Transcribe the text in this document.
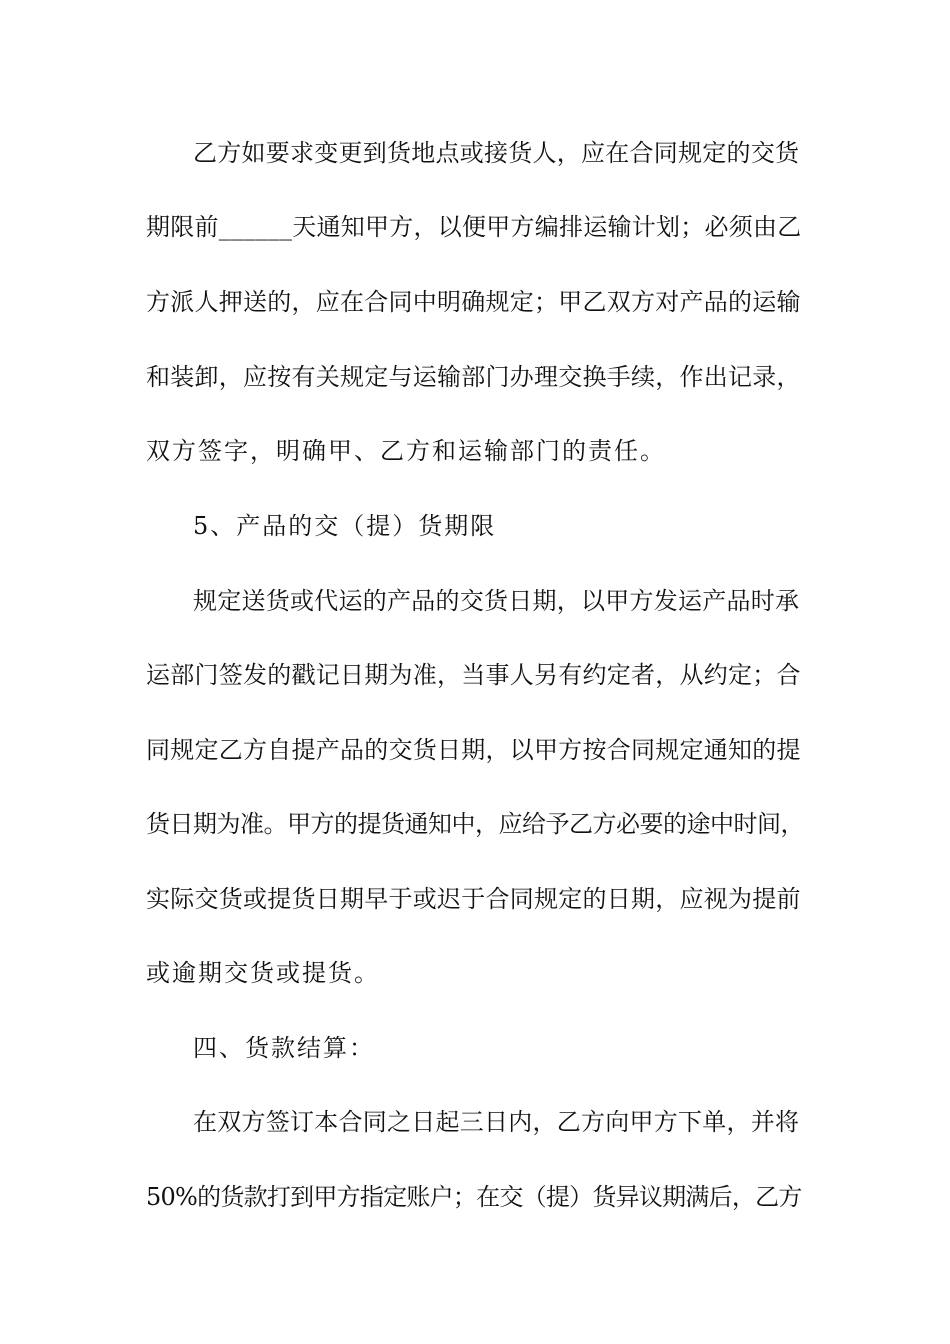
乙方如要求变更到货地点或接货人，应在合同规定的交货
期限前______天通知甲方，以便甲方编排运输计划；必须由乙
方派人押送的，应在合同中明确规定；甲乙双方对产品的运输
和装卸，应按有关规定与运输部门办理交换手续，作出记录，
双方签字，明确甲、乙方和运输部门的责任。
5、产品的交（提）货期限
规定送货或代运的产品的交货日期，以甲方发运产品时承
运部门签发的戳记日期为准，当事人另有约定者，从约定；合
同规定乙方自提产品的交货日期，以甲方按合同规定通知的提
货日期为准。甲方的提货通知中，应给予乙方必要的途中时间，
实际交货或提货日期早于或迟于合同规定的日期，应视为提前
或逾期交货或提货。
四、货款结算：
在双方签订本合同之日起三日内，乙方向甲方下单，并将
50%的货款打到甲方指定账户；在交（提）货异议期满后，乙方
